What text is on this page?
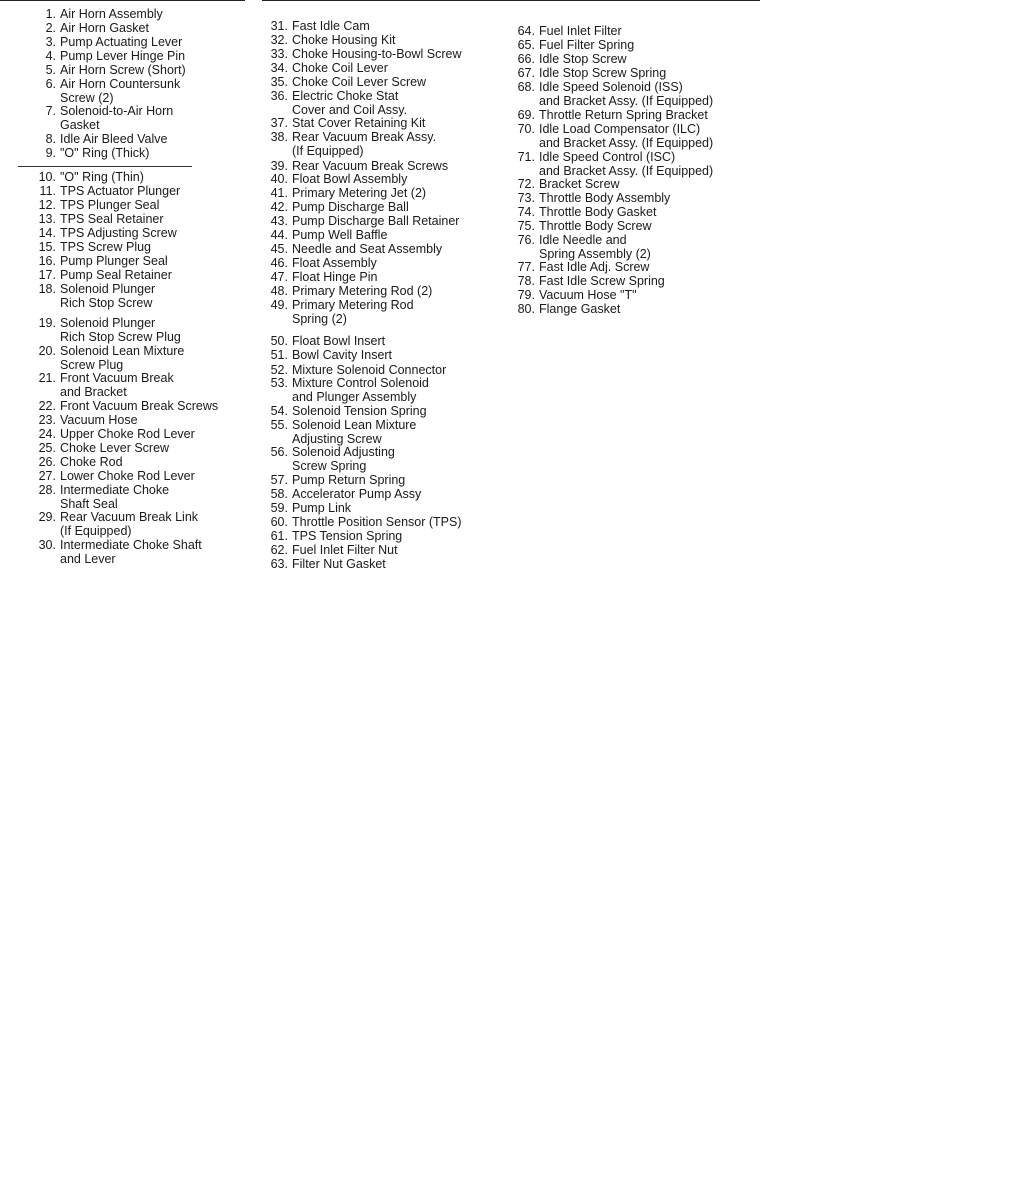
1. Air Horn Assembly
2. Air Horn Gasket
3. Pump Actuating Lever
4. Pump Lever Hinge Pin
5. Air Horn Screw (Short)
6. Air Horn Countersunk
Screw (2)
7. Solenoid-to-Air Horn
Gasket
8. Idle Air Bleed Valve
9. "O" Ring (Thick)
10. "O" Ring (Thin)
11. TPS Actuator Plunger
12. TPS Plunger Seal
13. TPS Seal Retainer
14. TPS Adjusting Screw
15. TPS Screw Plug
16. Pump Plunger Seal
17. Pump Seal Retainer
18. Solenoid Plunger
Rich Stop Screw
19. Solenoid Plunger
Rich Stop Screw Plug
20. Solenoid Lean Mixture
Screw Plug
21. Front Vacuum Break
and Bracket
22. Front Vacuum Break Screws
23. Vacuum Hose
24. Upper Choke Rod Lever
25. Choke Lever Screw
26. Choke Rod
27. Lower Choke Rod Lever
28. Intermediate Choke
Shaft Seal
29. Rear Vacuum Break Link
(If Equipped)
30. Intermediate Choke Shaft
and Lever
31. Fast Idle Cam
32. Choke Housing Kit
33. Choke Housing-to-Bowl Screw
34. Choke Coil Lever
35. Choke Coil Lever Screw
36. Electric Choke Stat
Cover and Coil Assy.
37. Stat Cover Retaining Kit
38. Rear Vacuum Break Assy.
(If Equipped)
39. Rear Vacuum Break Screws
40. Float Bowl Assembly
41. Primary Metering Jet (2)
42. Pump Discharge Ball
43. Pump Discharge Ball Retainer
44. Pump Well Baffle
45. Needle and Seat Assembly
46. Float Assembly
47. Float Hinge Pin
48. Primary Metering Rod (2)
49. Primary Metering Rod
Spring (2)
50. Float Bowl Insert
51. Bowl Cavity Insert
52. Mixture Solenoid Connector
53. Mixture Control Solenoid
and Plunger Assembly
54. Solenoid Tension Spring
55. Solenoid Lean Mixture
Adjusting Screw
56. Solenoid Adjusting
Screw Spring
57. Pump Return Spring
58. Accelerator Pump Assy
59. Pump Link
60. Throttle Position Sensor (TPS)
61. TPS Tension Spring
62. Fuel Inlet Filter Nut
63. Filter Nut Gasket
64. Fuel Inlet Filter
65. Fuel Filter Spring
66. Idle Stop Screw
67. Idle Stop Screw Spring
68. Idle Speed Solenoid (ISS)
and Bracket Assy. (If Equipped)
69. Throttle Return Spring Bracket
70. Idle Load Compensator (ILC)
and Bracket Assy. (If Equipped)
71. Idle Speed Control (ISC)
and Bracket Assy. (If Equipped)
72. Bracket Screw
73. Throttle Body Assembly
74. Throttle Body Gasket
75. Throttle Body Screw
76. Idle Needle and
Spring Assembly (2)
77. Fast Idle Adj. Screw
78. Fast Idle Screw Spring
79. Vacuum Hose "T"
80. Flange Gasket
